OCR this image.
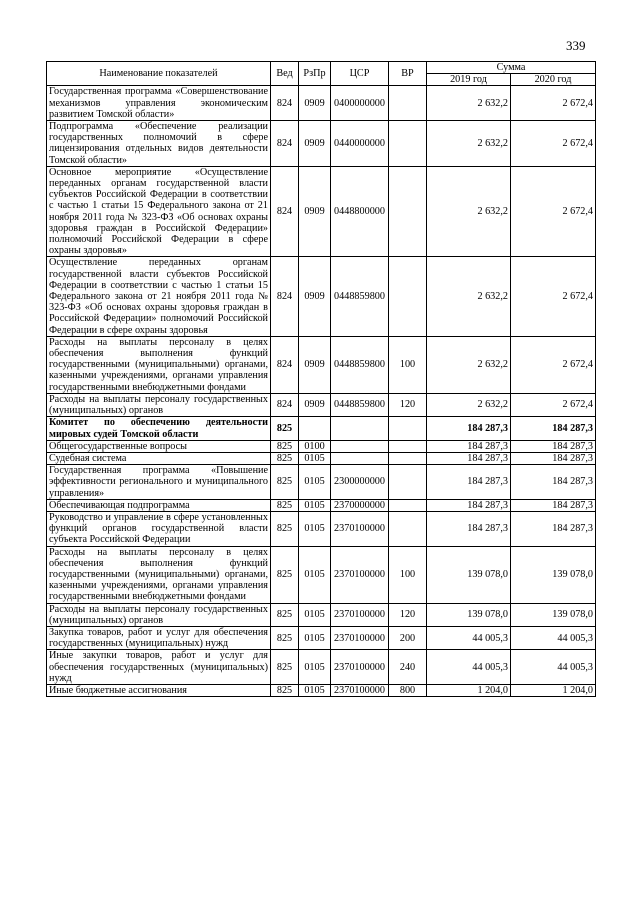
339
Наименование показателей	Вед	РзПр	ЦСР	ВР	Сумма	
					2019 год	2020 год
Государственная программа «Совершенствование механизмов управления экономическим развитием Томской области»	824	0909	0400000000		2 632,2	2 672,4
Подпрограмма «Обеспечение реализации государственных полномочий в сфере лицензирования отдельных видов деятельности Томской области»	824	0909	0440000000		2 632,2	2 672,4
Основное мероприятие «Осуществление переданных органам государственной власти субъектов Российской Федерации в соответствии с частью 1 статьи 15 Федерального закона от 21 ноября 2011 года № 323-ФЗ «Об основах охраны здоровья граждан в Российской Федерации» полномочий Российской Федерации в сфере охраны здоровья»	824	0909	0448800000		2 632,2	2 672,4
Осуществление переданных органам государственной власти субъектов Российской Федерации в соответствии с частью 1 статьи 15 Федерального закона от 21 ноября 2011 года № 323-ФЗ «Об основах охраны здоровья граждан в Российской Федерации» полномочий Российской Федерации в сфере охраны здоровья	824	0909	0448859800		2 632,2	2 672,4
Расходы на выплаты персоналу в целях обеспечения выполнения функций государственными (муниципальными) органами, казенными учреждениями, органами управления государственными внебюджетными фондами	824	0909	0448859800	100	2 632,2	2 672,4
Расходы на выплаты персоналу государственных (муниципальных) органов	824	0909	0448859800	120	2 632,2	2 672,4
Комитет по обеспечению деятельности мировых судей Томской области	825				184 287,3	184 287,3
Общегосударственные вопросы	825	0100			184 287,3	184 287,3
Судебная система	825	0105			184 287,3	184 287,3
Государственная программа «Повышение эффективности регионального и муниципального управления»	825	0105	2300000000		184 287,3	184 287,3
Обеспечивающая подпрограмма	825	0105	2370000000		184 287,3	184 287,3
Руководство и управление в сфере установленных функций органов государственной власти субъекта Российской Федерации	825	0105	2370100000		184 287,3	184 287,3
Расходы на выплаты персоналу в целях обеспечения выполнения функций государственными (муниципальными) органами, казенными учреждениями, органами управления государственными внебюджетными фондами	825	0105	2370100000	100	139 078,0	139 078,0
Расходы на выплаты персоналу государственных (муниципальных) органов	825	0105	2370100000	120	139 078,0	139 078,0
Закупка товаров, работ и услуг для обеспечения государственных (муниципальных) нужд	825	0105	2370100000	200	44 005,3	44 005,3
Иные закупки товаров, работ и услуг для обеспечения государственных (муниципальных) нужд	825	0105	2370100000	240	44 005,3	44 005,3
Иные бюджетные ассигнования	825	0105	2370100000	800	1 204,0	1 204,0
